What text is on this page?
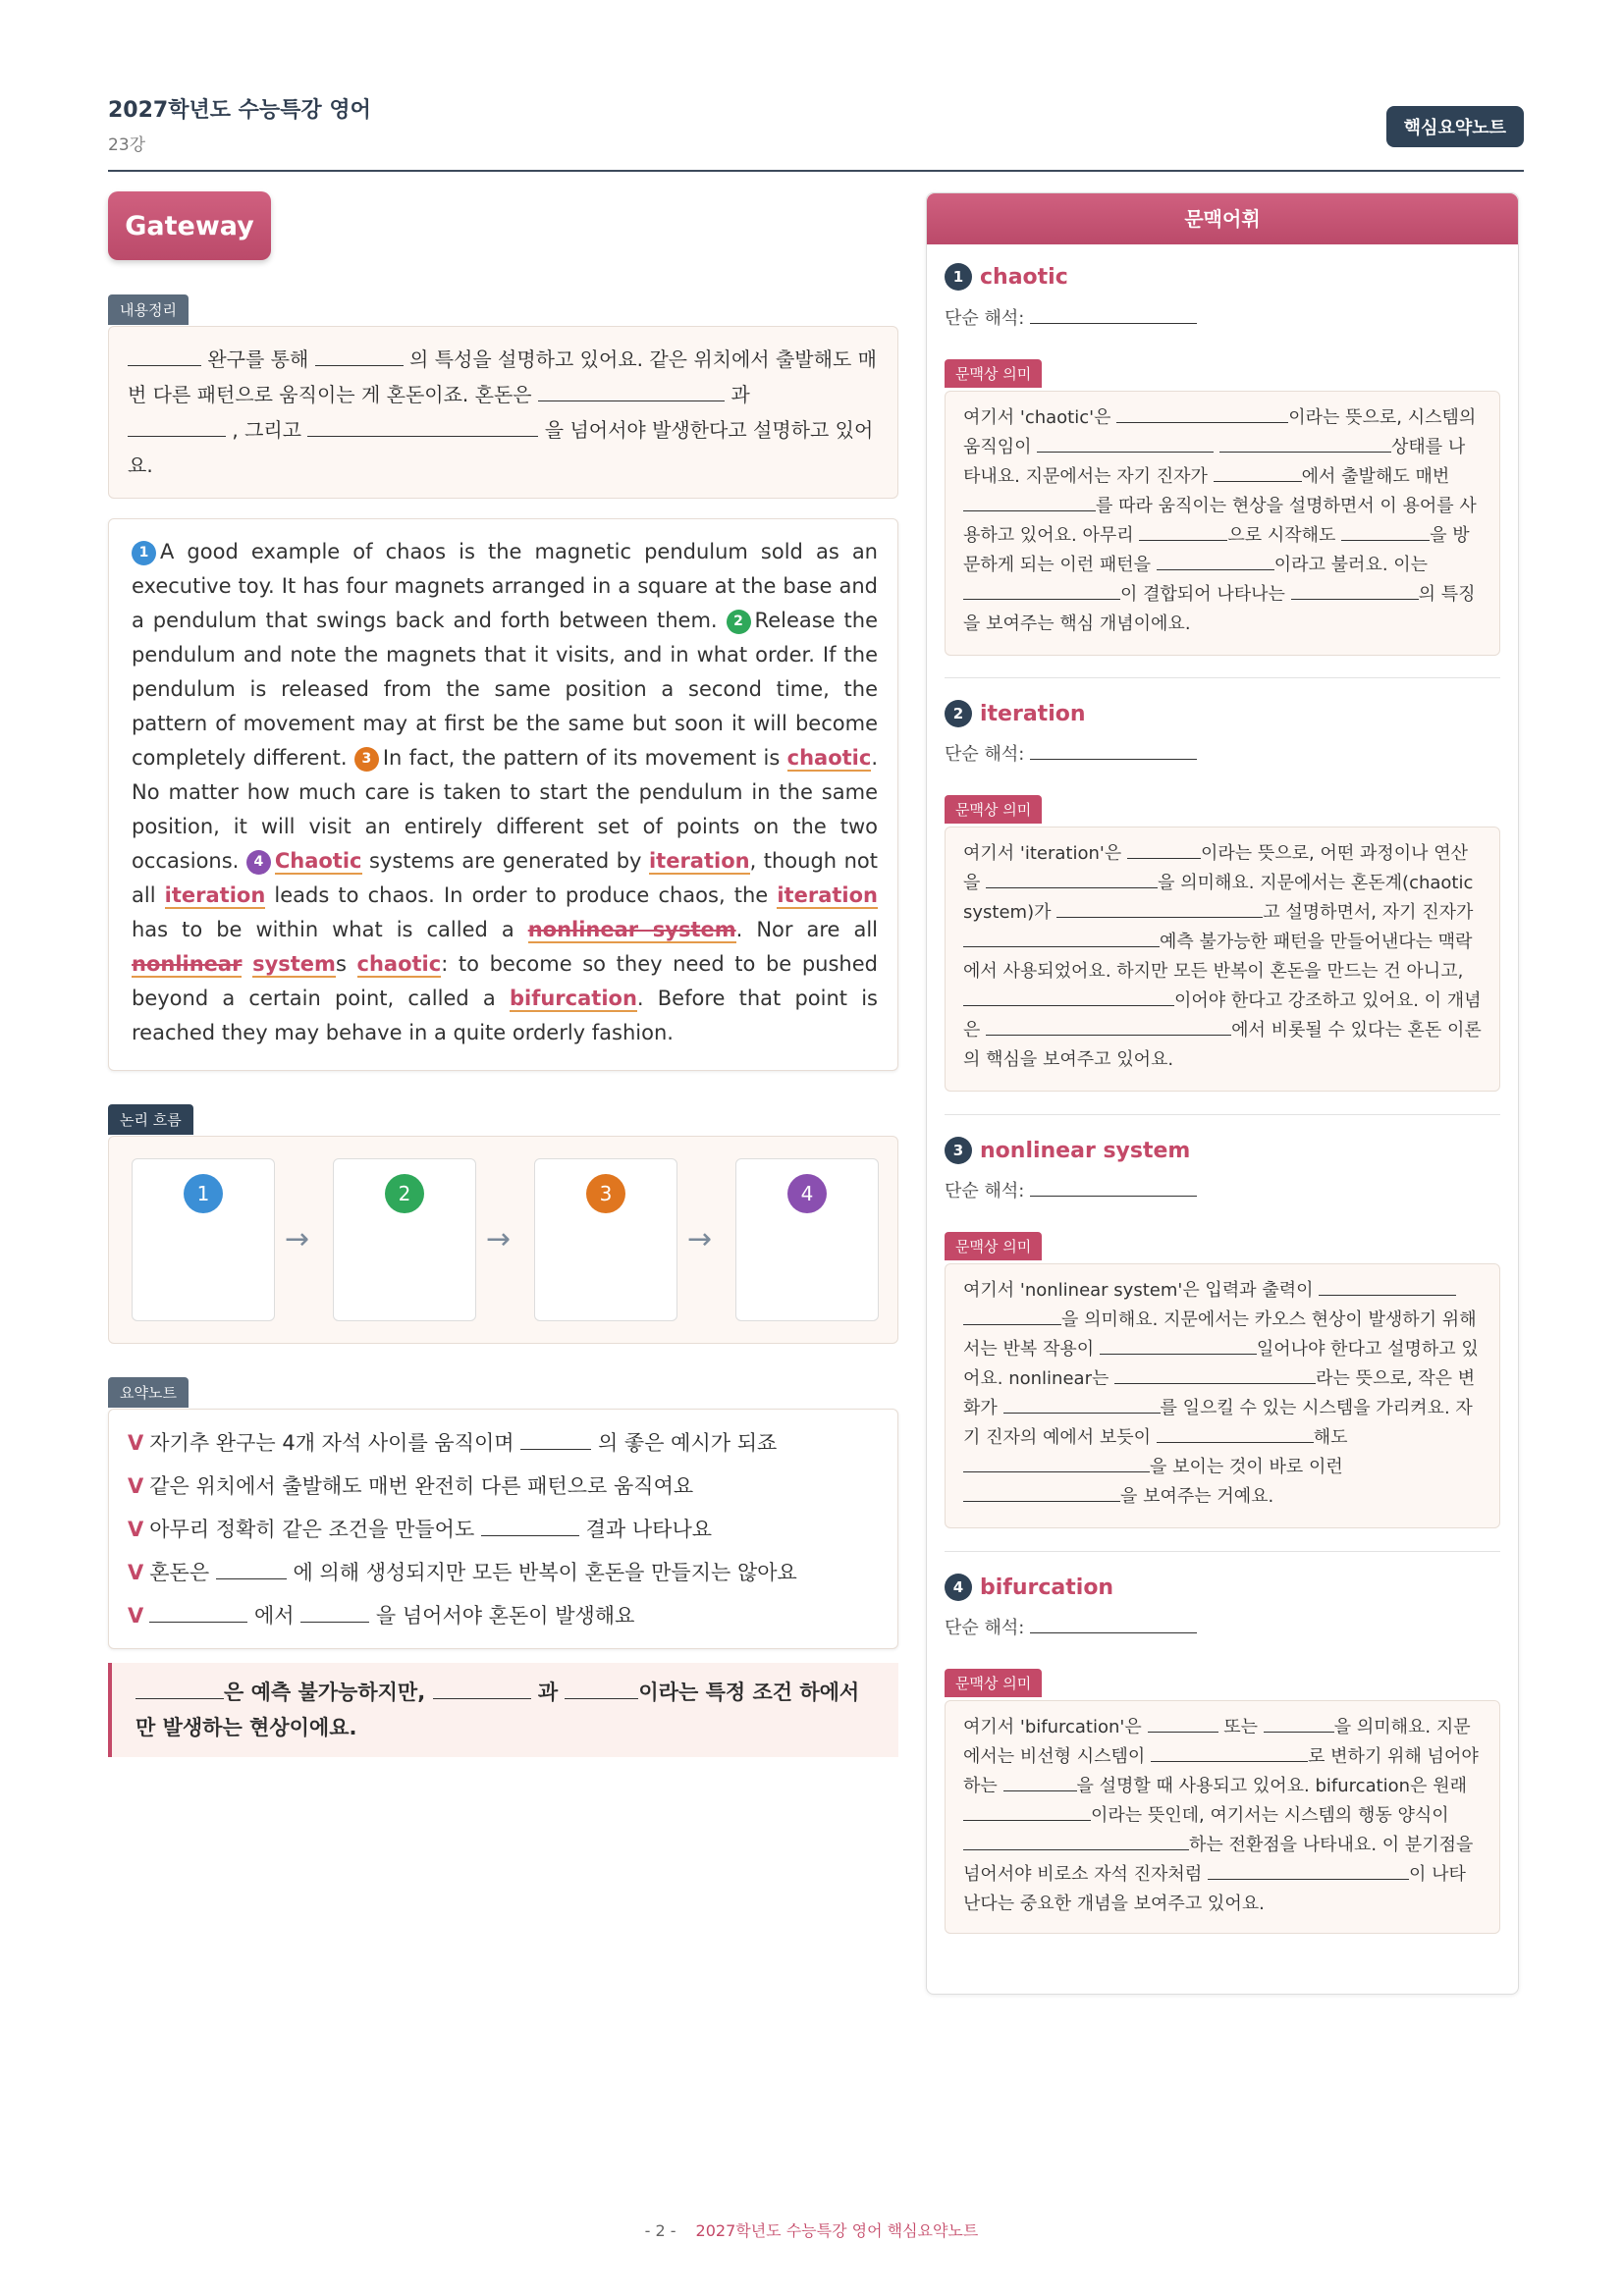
2027학년도 수능특강 영어
23강
핵심요약노트
Gateway
내용정리
완구를 통해	의 특성을 설명하고 있어요. 같은 위치에서 출발해도 매번 다른 패턴으로 움직이는 게 혼돈이죠. 혼돈은	과
, 그리고	을 넘어서야 발생한다고 설명하고 있어요.
1 A good example of chaos is the magnetic pendulum sold as an executive toy. It has four magnets arranged in a square at the base and a pendulum that swings back and forth between them. 2 Release the pendulum and note the magnets that it visits, and in what order. If the pendulum is released from the same position a second time, the pattern of movement may at first be the same but soon it will become completely different. 3 In fact, the pattern of its movement is chaotic. No matter how much care is taken to start the pendulum in the same position, it will visit an entirely different set of points on the two occasions. 4 Chaotic systems are generated by iteration, though not all iteration leads to chaos. In order to produce chaos, the iteration has to be within what is called a nonlinear system. Nor are all nonlinear systems chaotic: to become so they need to be pushed beyond a certain point, called a bifurcation. Before that point is reached they may behave in a quite orderly fashion.
논리 흐름
1
→
2
→
3
→
4
요약노트
V 자기추 완구는 4개 자석 사이를 움직이며	의 좋은 예시가 되죠
V 같은 위치에서 출발해도 매번 완전히 다른 패턴으로 움직여요
V 아무리 정확히 같은 조건을 만들어도	결과 나타나요
V 혼돈은	에 의해 생성되지만 모든 반복이 혼돈을 만들지는 않아요
V	에서	을 넘어서야 혼돈이 발생해요
은 예측 불가능하지만,	과	이라는 특정 조건 하에서만 발생하는 현상이에요.
문맥어휘
1 chaotic
단순 해석:
문맥상 의미
여기서 'chaotic'은	이라는 뜻으로, 시스템의 움직임이	상태를 나타내요. 지문에서는 자기 진자가	에서 출발해도 매번 를 따라 움직이는 현상을 설명하면서 이 용어를 사용하고 있어요. 아무리	으로 시작해도	을 방문하게 되는 이런 패턴을	이라고 불러요. 이는 이 결합되어 나타나는	의 특징을 보여주는 핵심 개념이에요.
2 iteration
단순 해석:
문맥상 의미
여기서 'iteration'은	이라는 뜻으로, 어떤 과정이나 연산을	을 의미해요. 지문에서는 혼돈계(chaotic system)가	고 설명하면서, 자기 진자가 예측 불가능한 패턴을 만들어낸다는 맥락에서 사용되었어요. 하지만 모든 반복이 혼돈을 만드는 건 아니고, 이어야 한다고 강조하고 있어요. 이 개념은	에서 비롯될 수 있다는 혼돈 이론의 핵심을 보여주고 있어요.
3 nonlinear system
단순 해석:
문맥상 의미
여기서 'nonlinear system'은 입력과 출력이  을 의미해요. 지문에서는 카오스 현상이 발생하기 위해서는 반복 작용이	일어나야 한다고 설명하고 있어요. nonlinear는	라는 뜻으로, 작은 변화가	를 일으킬 수 있는 시스템을 가리켜요. 자기 진자의 예에서 보듯이	해도 을 보이는 것이 바로 이런 을 보여주는 거예요.
4 bifurcation
단순 해석:
문맥상 의미
여기서 'bifurcation'은	또는	을 의미해요. 지문에서는 비선형 시스템이	로 변하기 위해 넘어야 하는	을 설명할 때 사용되고 있어요. bifurcation은 원래 이라는 뜻인데, 여기서는 시스템의 행동 양식이 하는 전환점을 나타내요. 이 분기점을 넘어서야 비로소 자석 진자처럼	이 나타난다는 중요한 개념을 보여주고 있어요.
- 2 - 2027학년도 수능특강 영어 핵심요약노트
